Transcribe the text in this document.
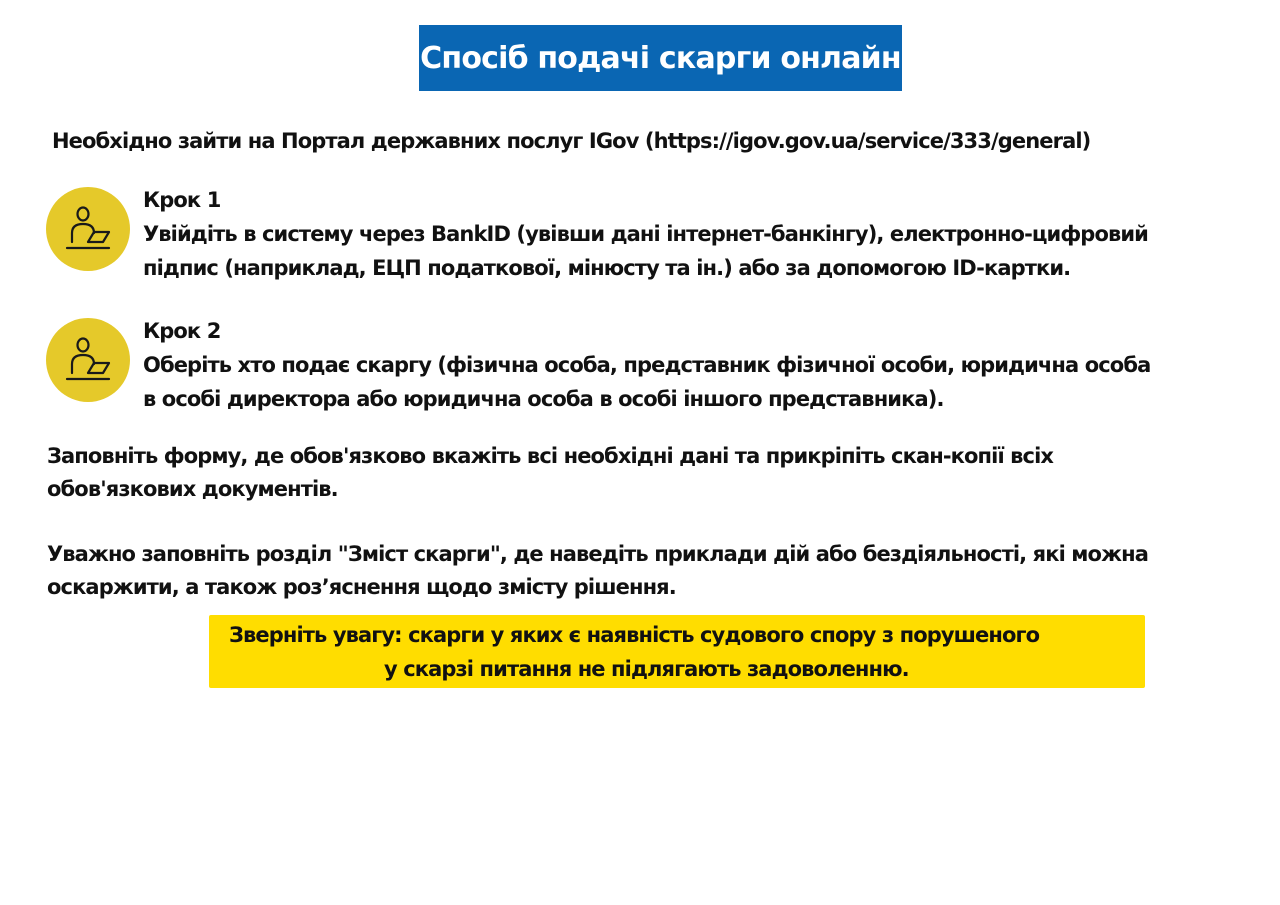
Спосіб подачі скарги онлайн
Необхідно зайти на Портал державних послуг IGov (https://igov.gov.ua/service/333/general)
Крок 1
Увійдіть в систему через BankID (увівши дані інтернет-банкінгу), електронно-цифровий
підпис (наприклад, ЕЦП податкової, мінюсту та ін.) або за допомогою ID-картки.
Крок 2
Оберіть хто подає скаргу (фізична особа, представник фізичної особи, юридична особа
в особі директора або юридична особа в особі іншого представника).
Заповніть форму, де обов'язково вкажіть всі необхідні дані та прикріпіть скан-копії всіх
обов'язкових документів.
Уважно заповніть розділ "Зміст скарги", де наведіть приклади дій або бездіяльності, які можна
оскаржити, а також роз’яснення щодо змісту рішення.
Зверніть увагу: скарги у яких є наявність судового спору з порушеного
у скарзі питання не підлягають задоволенню.
